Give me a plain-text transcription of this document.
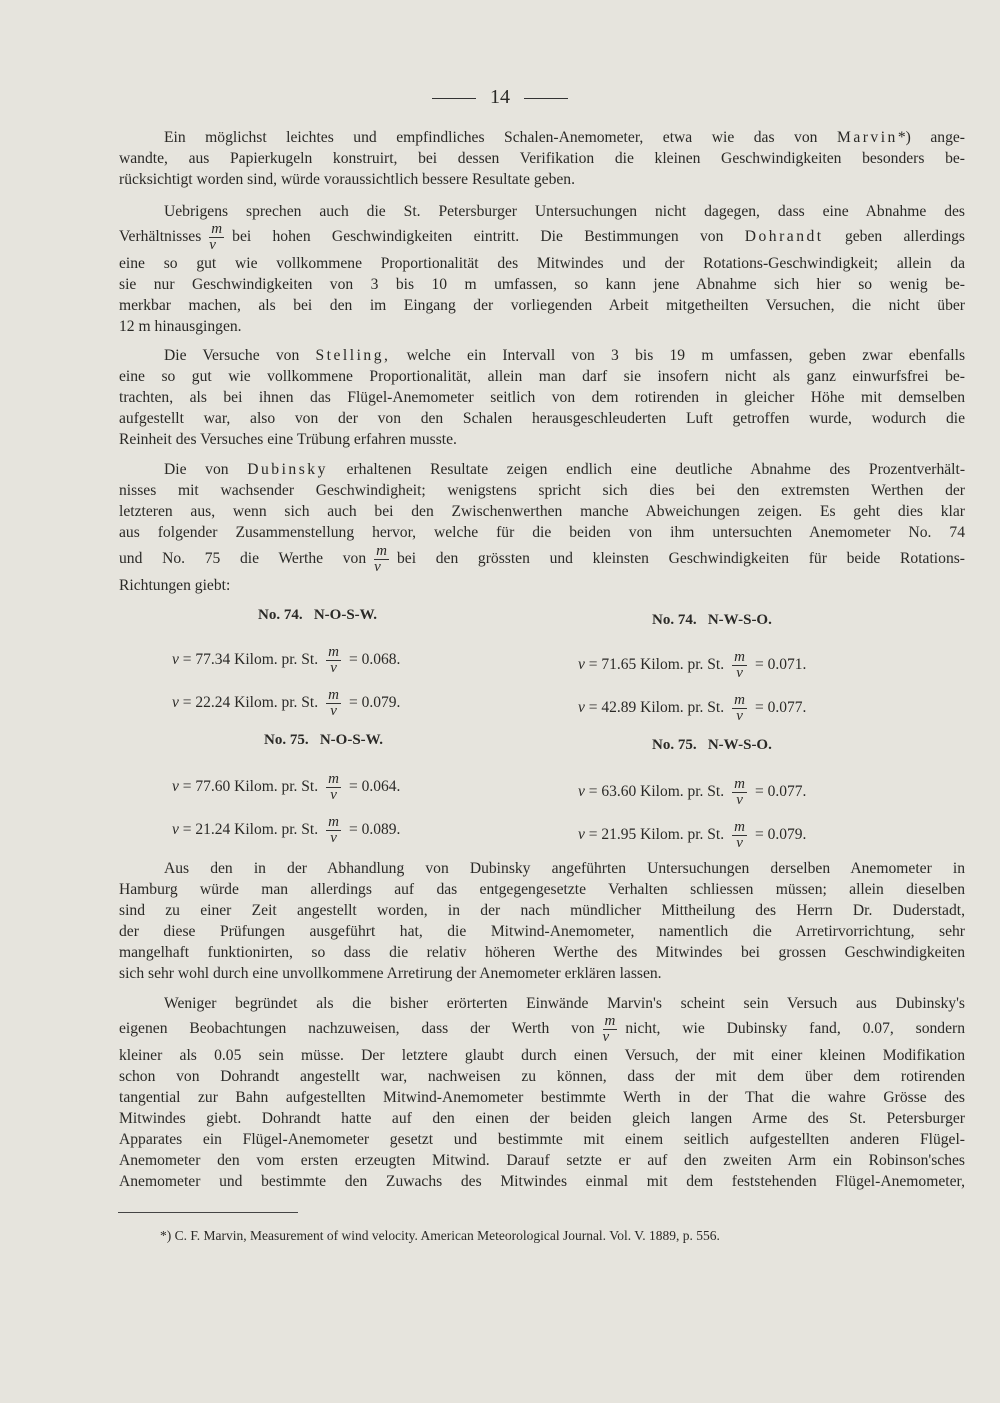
14
Ein möglichst leichtes und empfindliches Schalen-Anemometer, etwa wie das von Marvin*) ange-
wandte, aus Papierkugeln konstruirt, bei dessen Verifikation die kleinen Geschwindigkeiten besonders be-
rücksichtigt worden sind, würde voraussichtlich bessere Resultate geben.
Uebrigens sprechen auch die St. Petersburger Untersuchungen nicht dagegen, dass eine Abnahme des
Verhältnisses $\frac{m}{v}$ bei hohen Geschwindigkeiten eintritt. Die Bestimmungen von Dohrandt geben allerdings
eine so gut wie vollkommene Proportionalität des Mitwindes und der Rotations-Geschwindigkeit; allein da
sie nur Geschwindigkeiten von 3 bis 10 m umfassen, so kann jene Abnahme sich hier so wenig be-
merkbar machen, als bei den im Eingang der vorliegenden Arbeit mitgetheilten Versuchen, die nicht über
12 m hinausgingen.
Die Versuche von Stelling, welche ein Intervall von 3 bis 19 m umfassen, geben zwar ebenfalls
eine so gut wie vollkommene Proportionalität, allein man darf sie insofern nicht als ganz einwurfsfrei be-
trachten, als bei ihnen das Flügel-Anemometer seitlich von dem rotirenden in gleicher Höhe mit demselben
aufgestellt war, also von der von den Schalen herausgeschleuderten Luft getroffen wurde, wodurch die
Reinheit des Versuches eine Trübung erfahren musste.
Die von Dubinsky erhaltenen Resultate zeigen endlich eine deutliche Abnahme des Prozentverhält-
nisses mit wachsender Geschwindigheit; wenigstens spricht sich dies bei den extremsten Werthen der
letzteren aus, wenn sich auch bei den Zwischenwerthen manche Abweichungen zeigen. Es geht dies klar
aus folgender Zusammenstellung hervor, welche für die beiden von ihm untersuchten Anemometer No. 74
und No. 75 die Werthe von $\frac{m}{v}$ bei den grössten und kleinsten Geschwindigkeiten für beide Rotations-
Richtungen giebt:
No. 74.   N-O-S-W.
v = 77.34 Kilom. pr. St. $\frac{m}{v} = 0.068$.
v = 22.24 Kilom. pr. St. $\frac{m}{v} = 0.079$.
No. 74.   N-W-S-O.
v = 71.65 Kilom. pr. St. $\frac{m}{v} = 0.071$.
v = 42.89 Kilom. pr. St. $\frac{m}{v} = 0.077$.
No. 75.   N-O-S-W.
v = 77.60 Kilom. pr. St. $\frac{m}{v} = 0.064$.
v = 21.24 Kilom. pr. St. $\frac{m}{v} = 0.089$.
No. 75.   N-W-S-O.
v = 63.60 Kilom. pr. St. $\frac{m}{v} = 0.077$.
v = 21.95 Kilom. pr. St. $\frac{m}{v} = 0.079$.
Aus den in der Abhandlung von Dubinsky angeführten Untersuchungen derselben Anemometer in
Hamburg würde man allerdings auf das entgegengesetzte Verhalten schliessen müssen; allein dieselben
sind zu einer Zeit angestellt worden, in der nach mündlicher Mittheilung des Herrn Dr. Duderstadt,
der diese Prüfungen ausgeführt hat, die Mitwind-Anemometer, namentlich die Arretirvorrichtung, sehr
mangelhaft funktionirten, so dass die relativ höheren Werthe des Mitwindes bei grossen Geschwindigkeiten
sich sehr wohl durch eine unvollkommene Arretirung der Anemometer erklären lassen.
Weniger begründet als die bisher erörterten Einwände Marvin's scheint sein Versuch aus Dubinsky's
eigenen Beobachtungen nachzuweisen, dass der Werth von $\frac{m}{v}$ nicht, wie Dubinsky fand, 0.07, sondern
kleiner als 0.05 sein müsse. Der letztere glaubt durch einen Versuch, der mit einer kleinen Modifikation
schon von Dohrandt angestellt war, nachweisen zu können, dass der mit dem über dem rotirenden
tangential zur Bahn aufgestellten Mitwind-Anemometer bestimmte Werth in der That die wahre Grösse des
Mitwindes giebt. Dohrandt hatte auf den einen der beiden gleich langen Arme des St. Petersburger
Apparates ein Flügel-Anemometer gesetzt und bestimmte mit einem seitlich aufgestellten anderen Flügel-
Anemometer den vom ersten erzeugten Mitwind. Darauf setzte er auf den zweiten Arm ein Robinson'sches
Anemometer und bestimmte den Zuwachs des Mitwindes einmal mit dem feststehenden Flügel-Anemometer,
*) C. F. Marvin, Measurement of wind velocity. American Meteorological Journal. Vol. V. 1889, p. 556.
